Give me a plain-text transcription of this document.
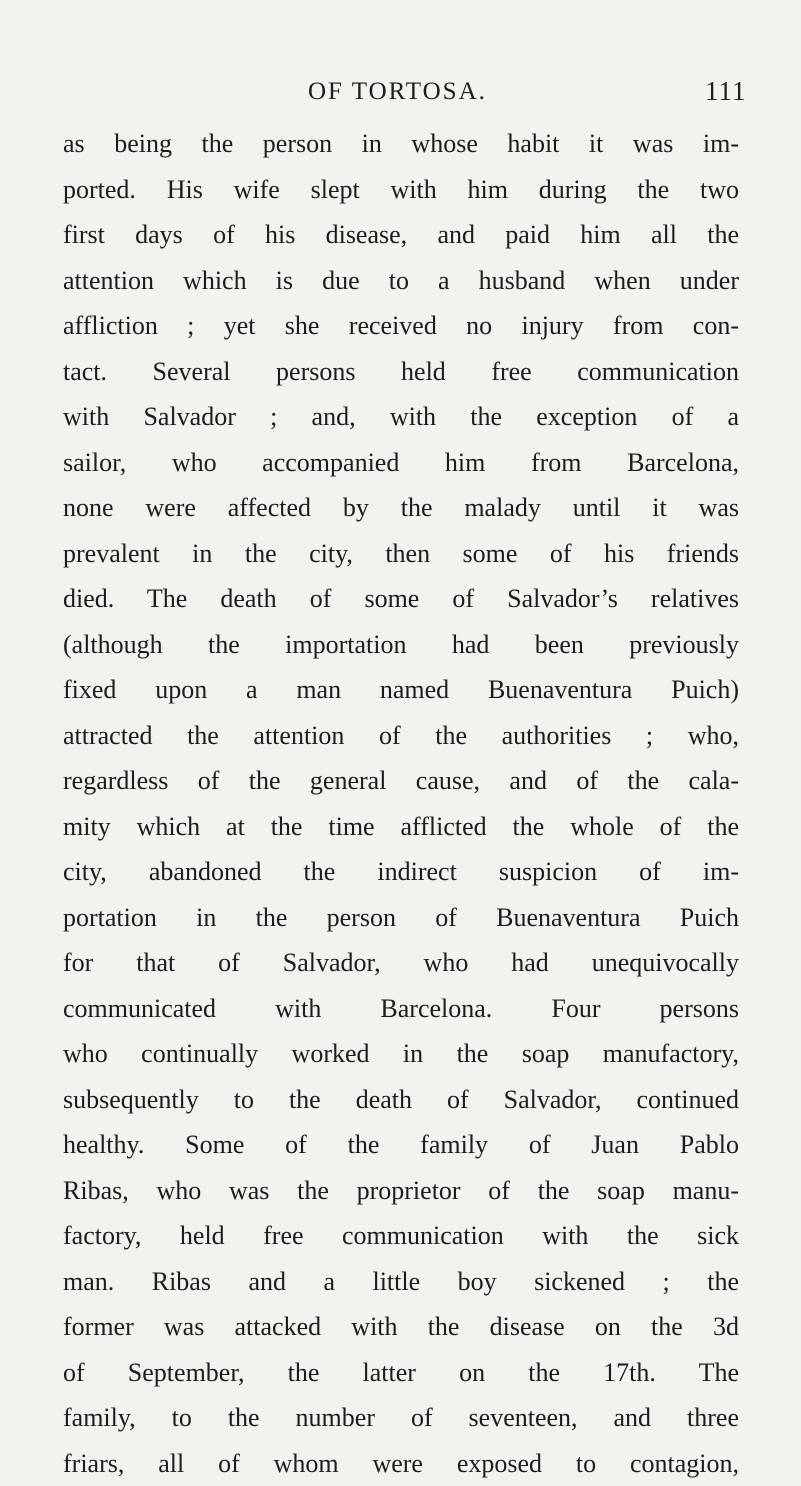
OF TORTOSA.	111
as being the person in whose habit it was im-
ported. His wife slept with him during the two
first days of his disease, and paid him all the
attention which is due to a husband when under
affliction ; yet she received no injury from con-
tact. Several persons held free communication
with Salvador ; and, with the exception of a
sailor, who accompanied him from Barcelona,
none were affected by the malady until it was
prevalent in the city, then some of his friends
died. The death of some of Salvador’s relatives
(although the importation had been previously
fixed upon a man named Buenaventura Puich)
attracted the attention of the authorities ; who,
regardless of the general cause, and of the cala-
mity which at the time afflicted the whole of the
city, abandoned the indirect suspicion of im-
portation in the person of Buenaventura Puich
for that of Salvador, who had unequivocally
communicated with Barcelona. Four persons
who continually worked in the soap manufactory,
subsequently to the death of Salvador, continued
healthy. Some of the family of Juan Pablo
Ribas, who was the proprietor of the soap manu-
factory, held free communication with the sick
man. Ribas and a little boy sickened ; the
former was attacked with the disease on the 3d
of September, the latter on the 17th. The
family, to the number of seventeen, and three
friars, all of whom were exposed to contagion,
